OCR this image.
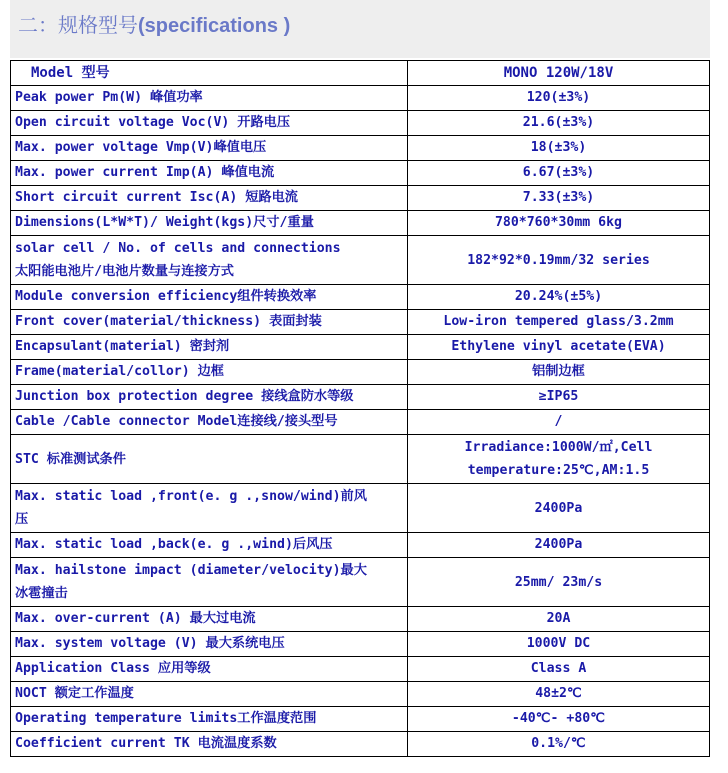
二：规格型号(specifications )
Model 型号	MONO 120W/18V

Peak power Pm(W) 峰值功率	120(±3%)

Open circuit voltage Voc(V) 开路电压	21.6(±3%)

Max. power voltage Vmp(V)峰值电压	18(±3%)

Max. power current Imp(A) 峰值电流	6.67(±3%)

Short circuit current Isc(A) 短路电流	7.33(±3%)

Dimensions(L*W*T)/ Weight(kgs)尺寸/重量	780*760*30mm 6kg

solar cell / No. of cells and connections
太阳能电池片/电池片数量与连接方式	182*92*0.19mm/32 series

Module conversion efficiency组件转换效率	20.24%(±5%)

Front cover(material/thickness) 表面封装	Low-iron tempered glass/3.2mm

Encapsulant(material) 密封剂	Ethylene vinyl acetate(EVA)

Frame(material/collor) 边框	铝制边框

Junction box protection degree 接线盒防水等级	≥IP65

Cable /Cable connector Model连接线/接头型号	/

STC 标准测试条件	Irradiance:1000W/㎡,Cell
temperature:25℃,AM:1.5

Max. static load ,front(e. g .,snow/wind)前风
压	2400Pa

Max. static load ,back(e. g .,wind)后风压	2400Pa

Max. hailstone impact (diameter/velocity)最大
冰雹撞击	25mm/ 23m/s

Max. over-current (A) 最大过电流	20A

Max. system voltage (V) 最大系统电压	1000V DC

Application Class 应用等级	Class A

NOCT 额定工作温度	48±2℃

Operating temperature limits工作温度范围	-40℃- +80℃

Coefficient current TK 电流温度系数	0.1%/℃
